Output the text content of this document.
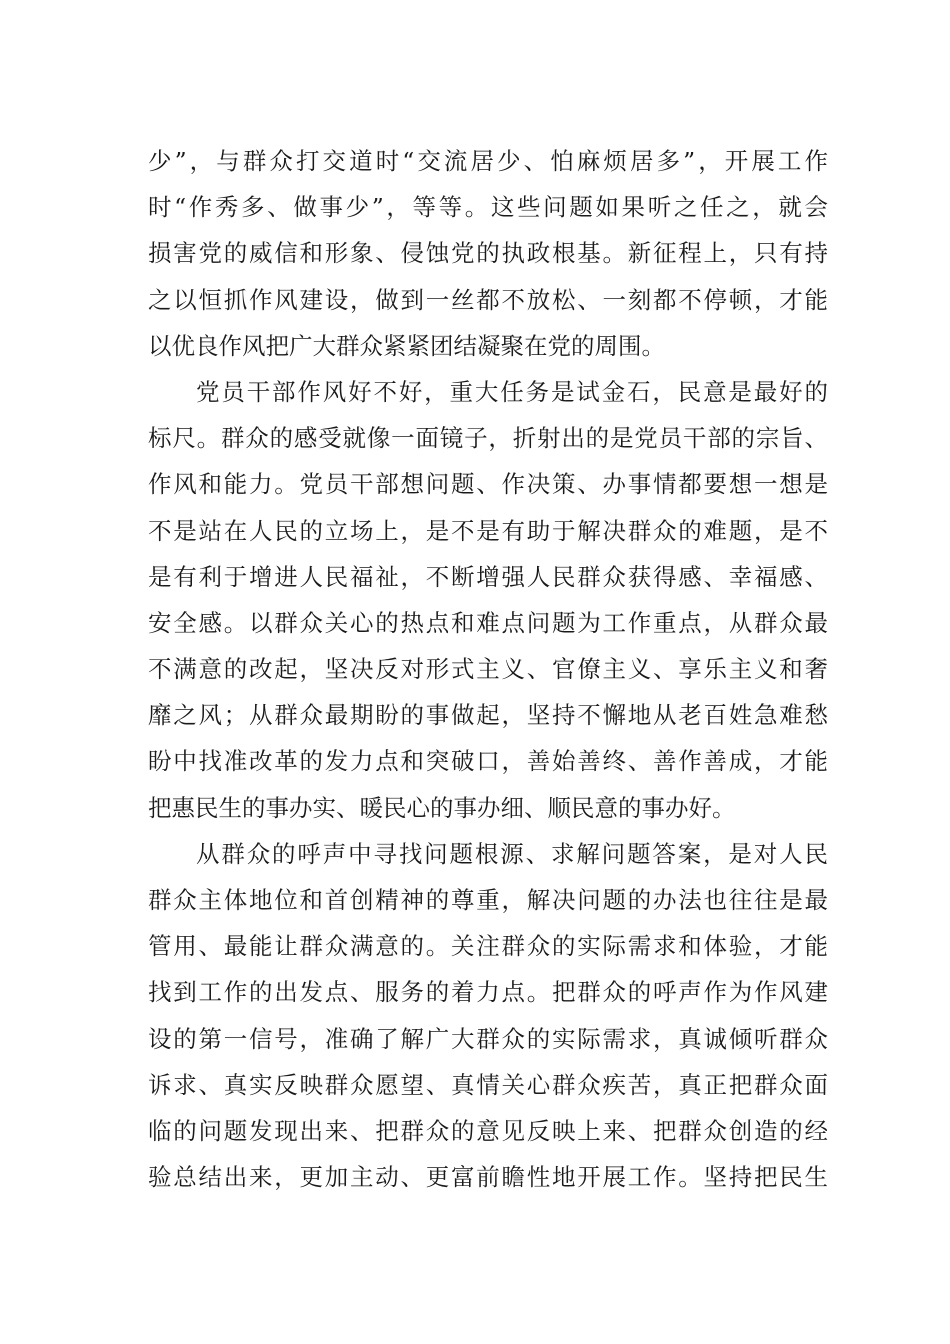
少”，与群众打交道时“交流居少、怕麻烦居多”，开展工作
时“作秀多、做事少”，等等。这些问题如果听之任之，就会
损害党的威信和形象、侵蚀党的执政根基。新征程上，只有持
之以恒抓作风建设，做到一丝都不放松、一刻都不停顿，才能
以优良作风把广大群众紧紧团结凝聚在党的周围。
党员干部作风好不好，重大任务是试金石，民意是最好的
标尺。群众的感受就像一面镜子，折射出的是党员干部的宗旨、
作风和能力。党员干部想问题、作决策、办事情都要想一想是
不是站在人民的立场上，是不是有助于解决群众的难题，是不
是有利于增进人民福祉，不断增强人民群众获得感、幸福感、
安全感。以群众关心的热点和难点问题为工作重点，从群众最
不满意的改起，坚决反对形式主义、官僚主义、享乐主义和奢
靡之风；从群众最期盼的事做起，坚持不懈地从老百姓急难愁
盼中找准改革的发力点和突破口，善始善终、善作善成，才能
把惠民生的事办实、暖民心的事办细、顺民意的事办好。
从群众的呼声中寻找问题根源、求解问题答案，是对人民
群众主体地位和首创精神的尊重，解决问题的办法也往往是最
管用、最能让群众满意的。关注群众的实际需求和体验，才能
找到工作的出发点、服务的着力点。把群众的呼声作为作风建
设的第一信号，准确了解广大群众的实际需求，真诚倾听群众
诉求、真实反映群众愿望、真情关心群众疾苦，真正把群众面
临的问题发现出来、把群众的意见反映上来、把群众创造的经
验总结出来，更加主动、更富前瞻性地开展工作。坚持把民生
